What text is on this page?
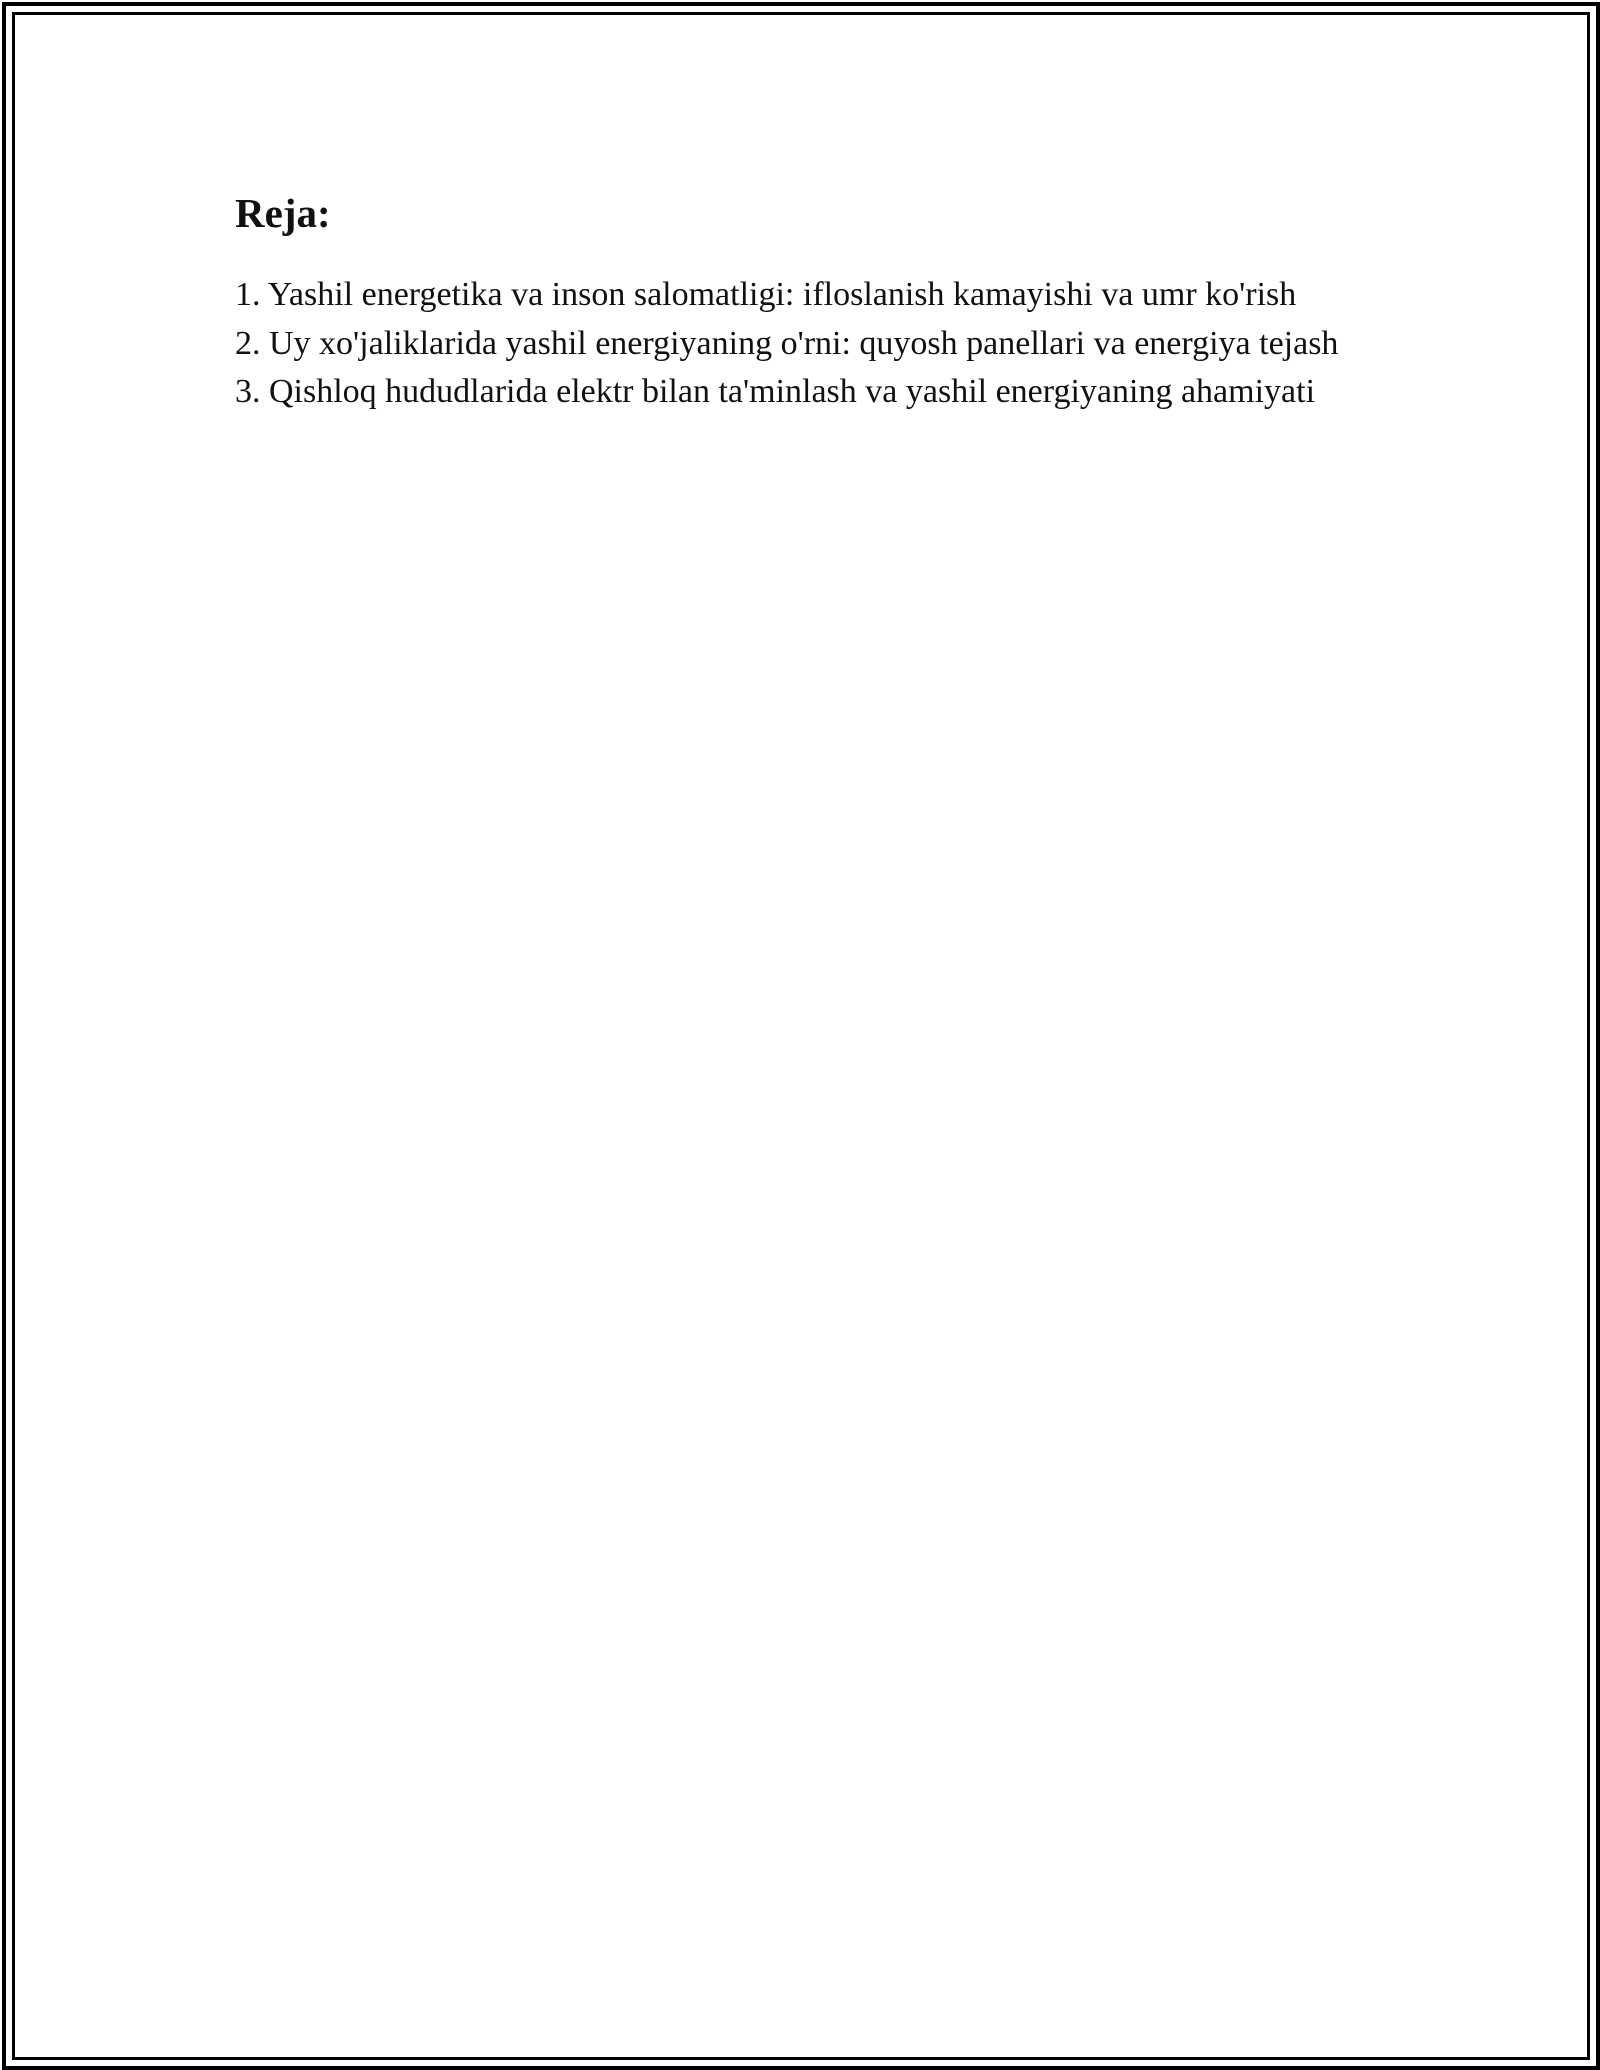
Reja:
1. Yashil energetika va inson salomatligi: ifloslanish kamayishi va umr ko'rish
2. Uy xo'jaliklarida yashil energiyaning o'rni: quyosh panellari va energiya tejash
3. Qishloq hududlarida elektr bilan ta'minlash va yashil energiyaning ahamiyati
